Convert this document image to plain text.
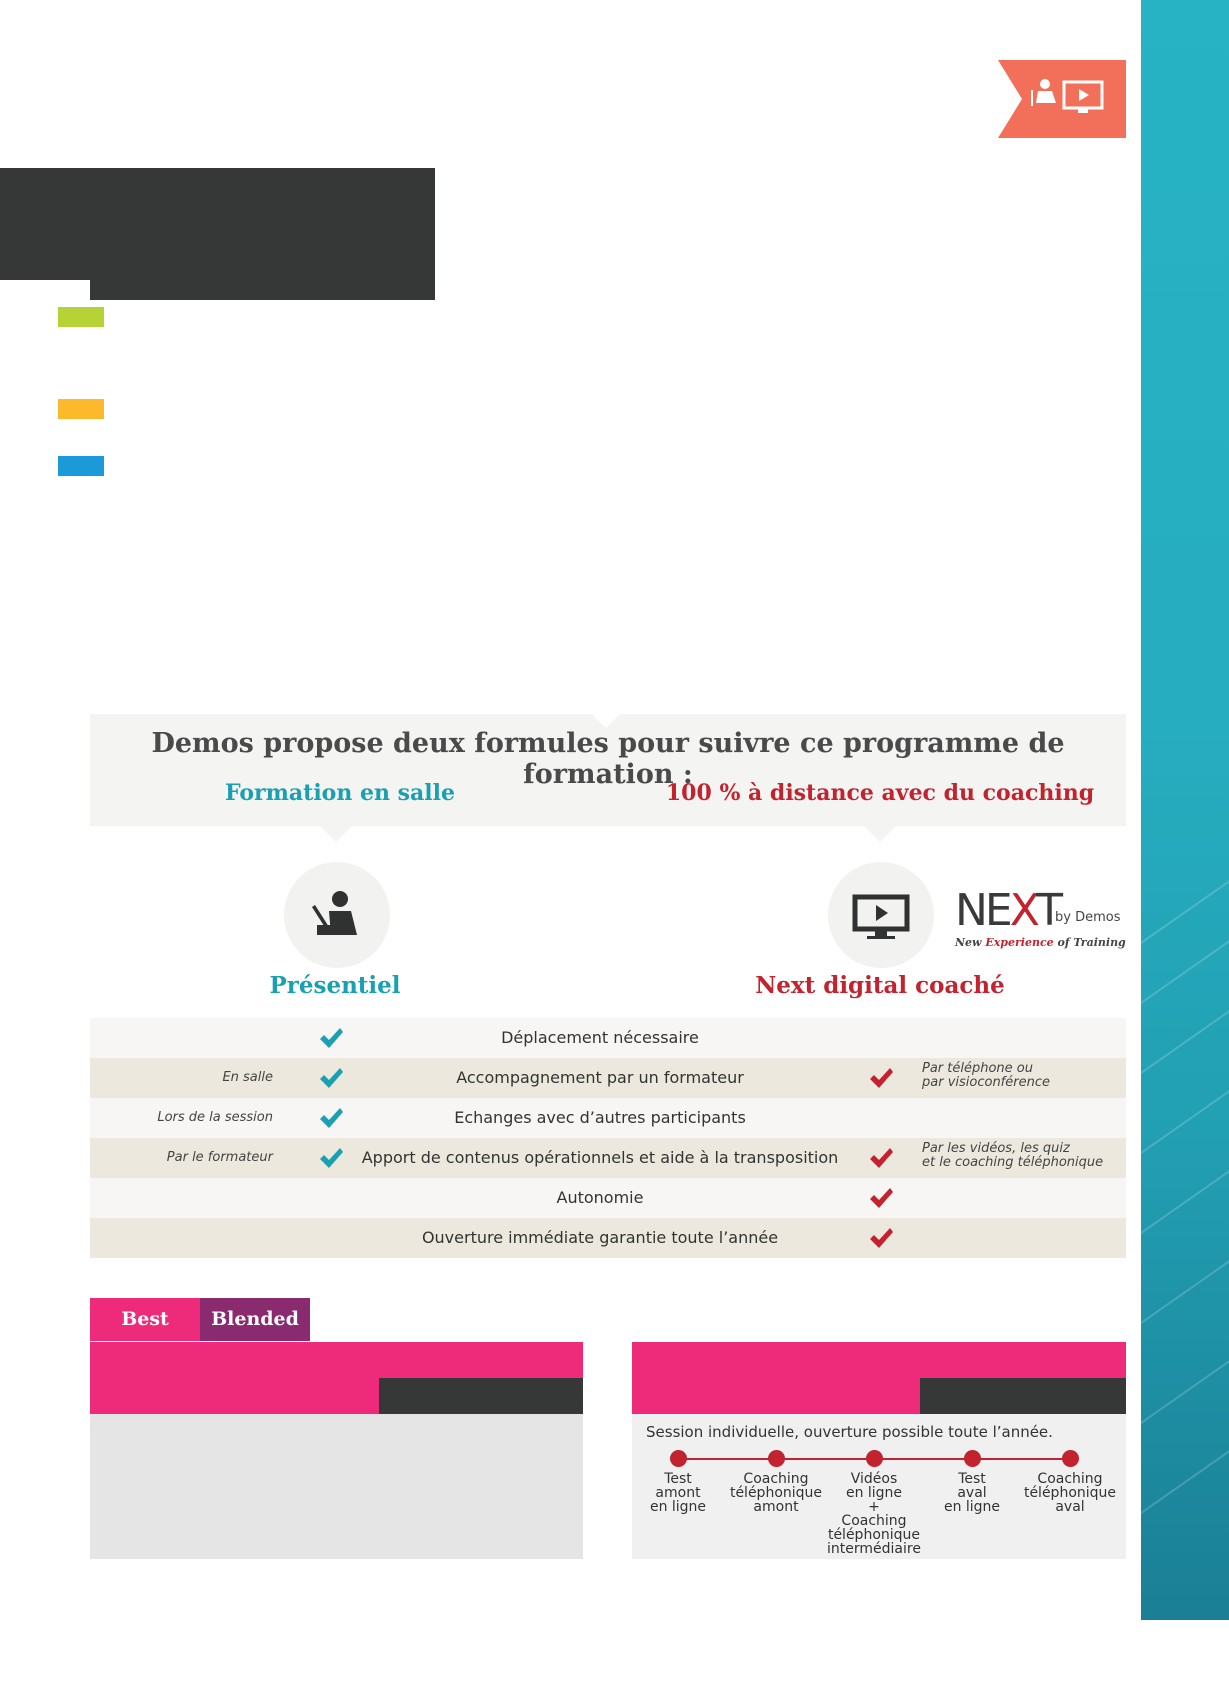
Demos propose deux formules pour suivre ce programme de formation :
Formation en salle	100 % à distance avec du coaching
NEXT
by Demos
New Experience of Training
Présentiel	Next digital coaché
Déplacement nécessaire
En salle	Accompagnement par un formateur	Par téléphone ou
par visioconférence
Lors de la session	Echanges avec d’autres participants
Par le formateur	Apport de contenus opérationnels et aide à la transposition	Par les vidéos, les quiz
et le coaching téléphonique
Autonomie
Ouverture immédiate garantie toute l’année
Best	Blended
Session individuelle, ouverture possible toute l’année.
Test
amont
en ligne
Coaching
téléphonique
amont
Vidéos
en ligne
+
Coaching
téléphonique
intermédiaire
Test
aval
en ligne
Coaching
téléphonique
aval
